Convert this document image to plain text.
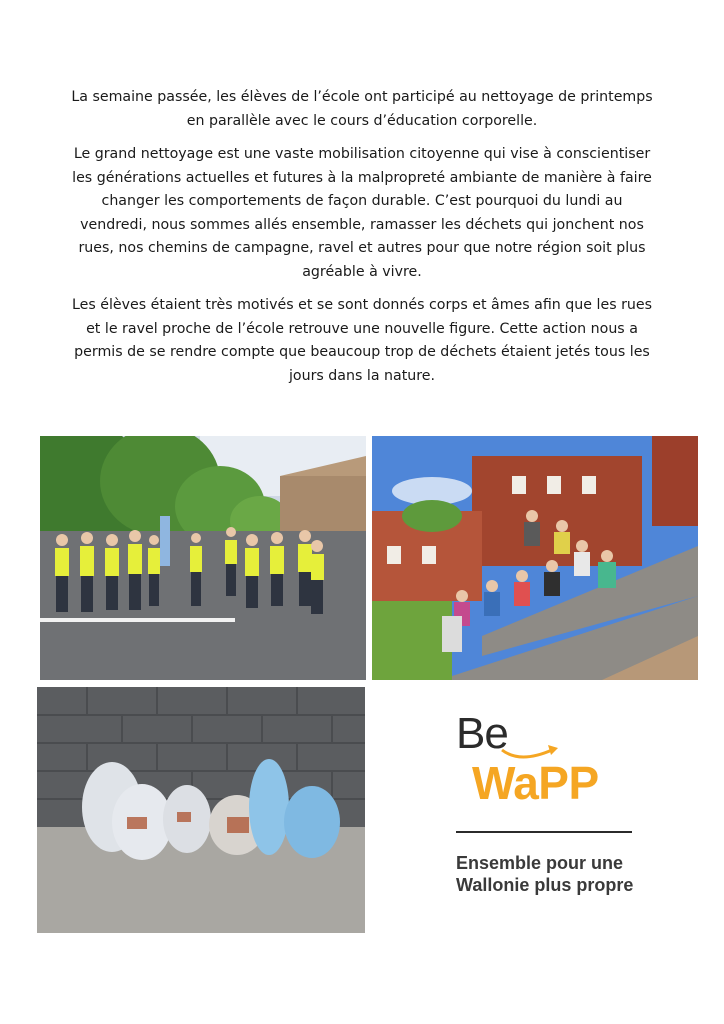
La semaine passée, les élèves de l’école ont participé au nettoyage de printemps en parallèle avec le cours d’éducation corporelle.

Le grand nettoyage est une vaste mobilisation citoyenne qui vise à conscientiser les générations actuelles et futures à la malpropreté ambiante de manière à faire changer les comportements de façon durable. C’est pourquoi du lundi au vendredi, nous sommes allés ensemble, ramasser les déchets qui jonchent nos rues, nos chemins de campagne, ravel et autres pour que notre région soit plus agréable à vivre.

Les élèves étaient très motivés et se sont donnés corps et âmes afin que les rues et le ravel proche de l’école retrouve une nouvelle figure. Cette action nous a permis de se rendre compte que beaucoup trop de déchets étaient jetés tous les jours dans la nature.

Be
WaPP
Ensemble pour une
Wallonie plus propre
